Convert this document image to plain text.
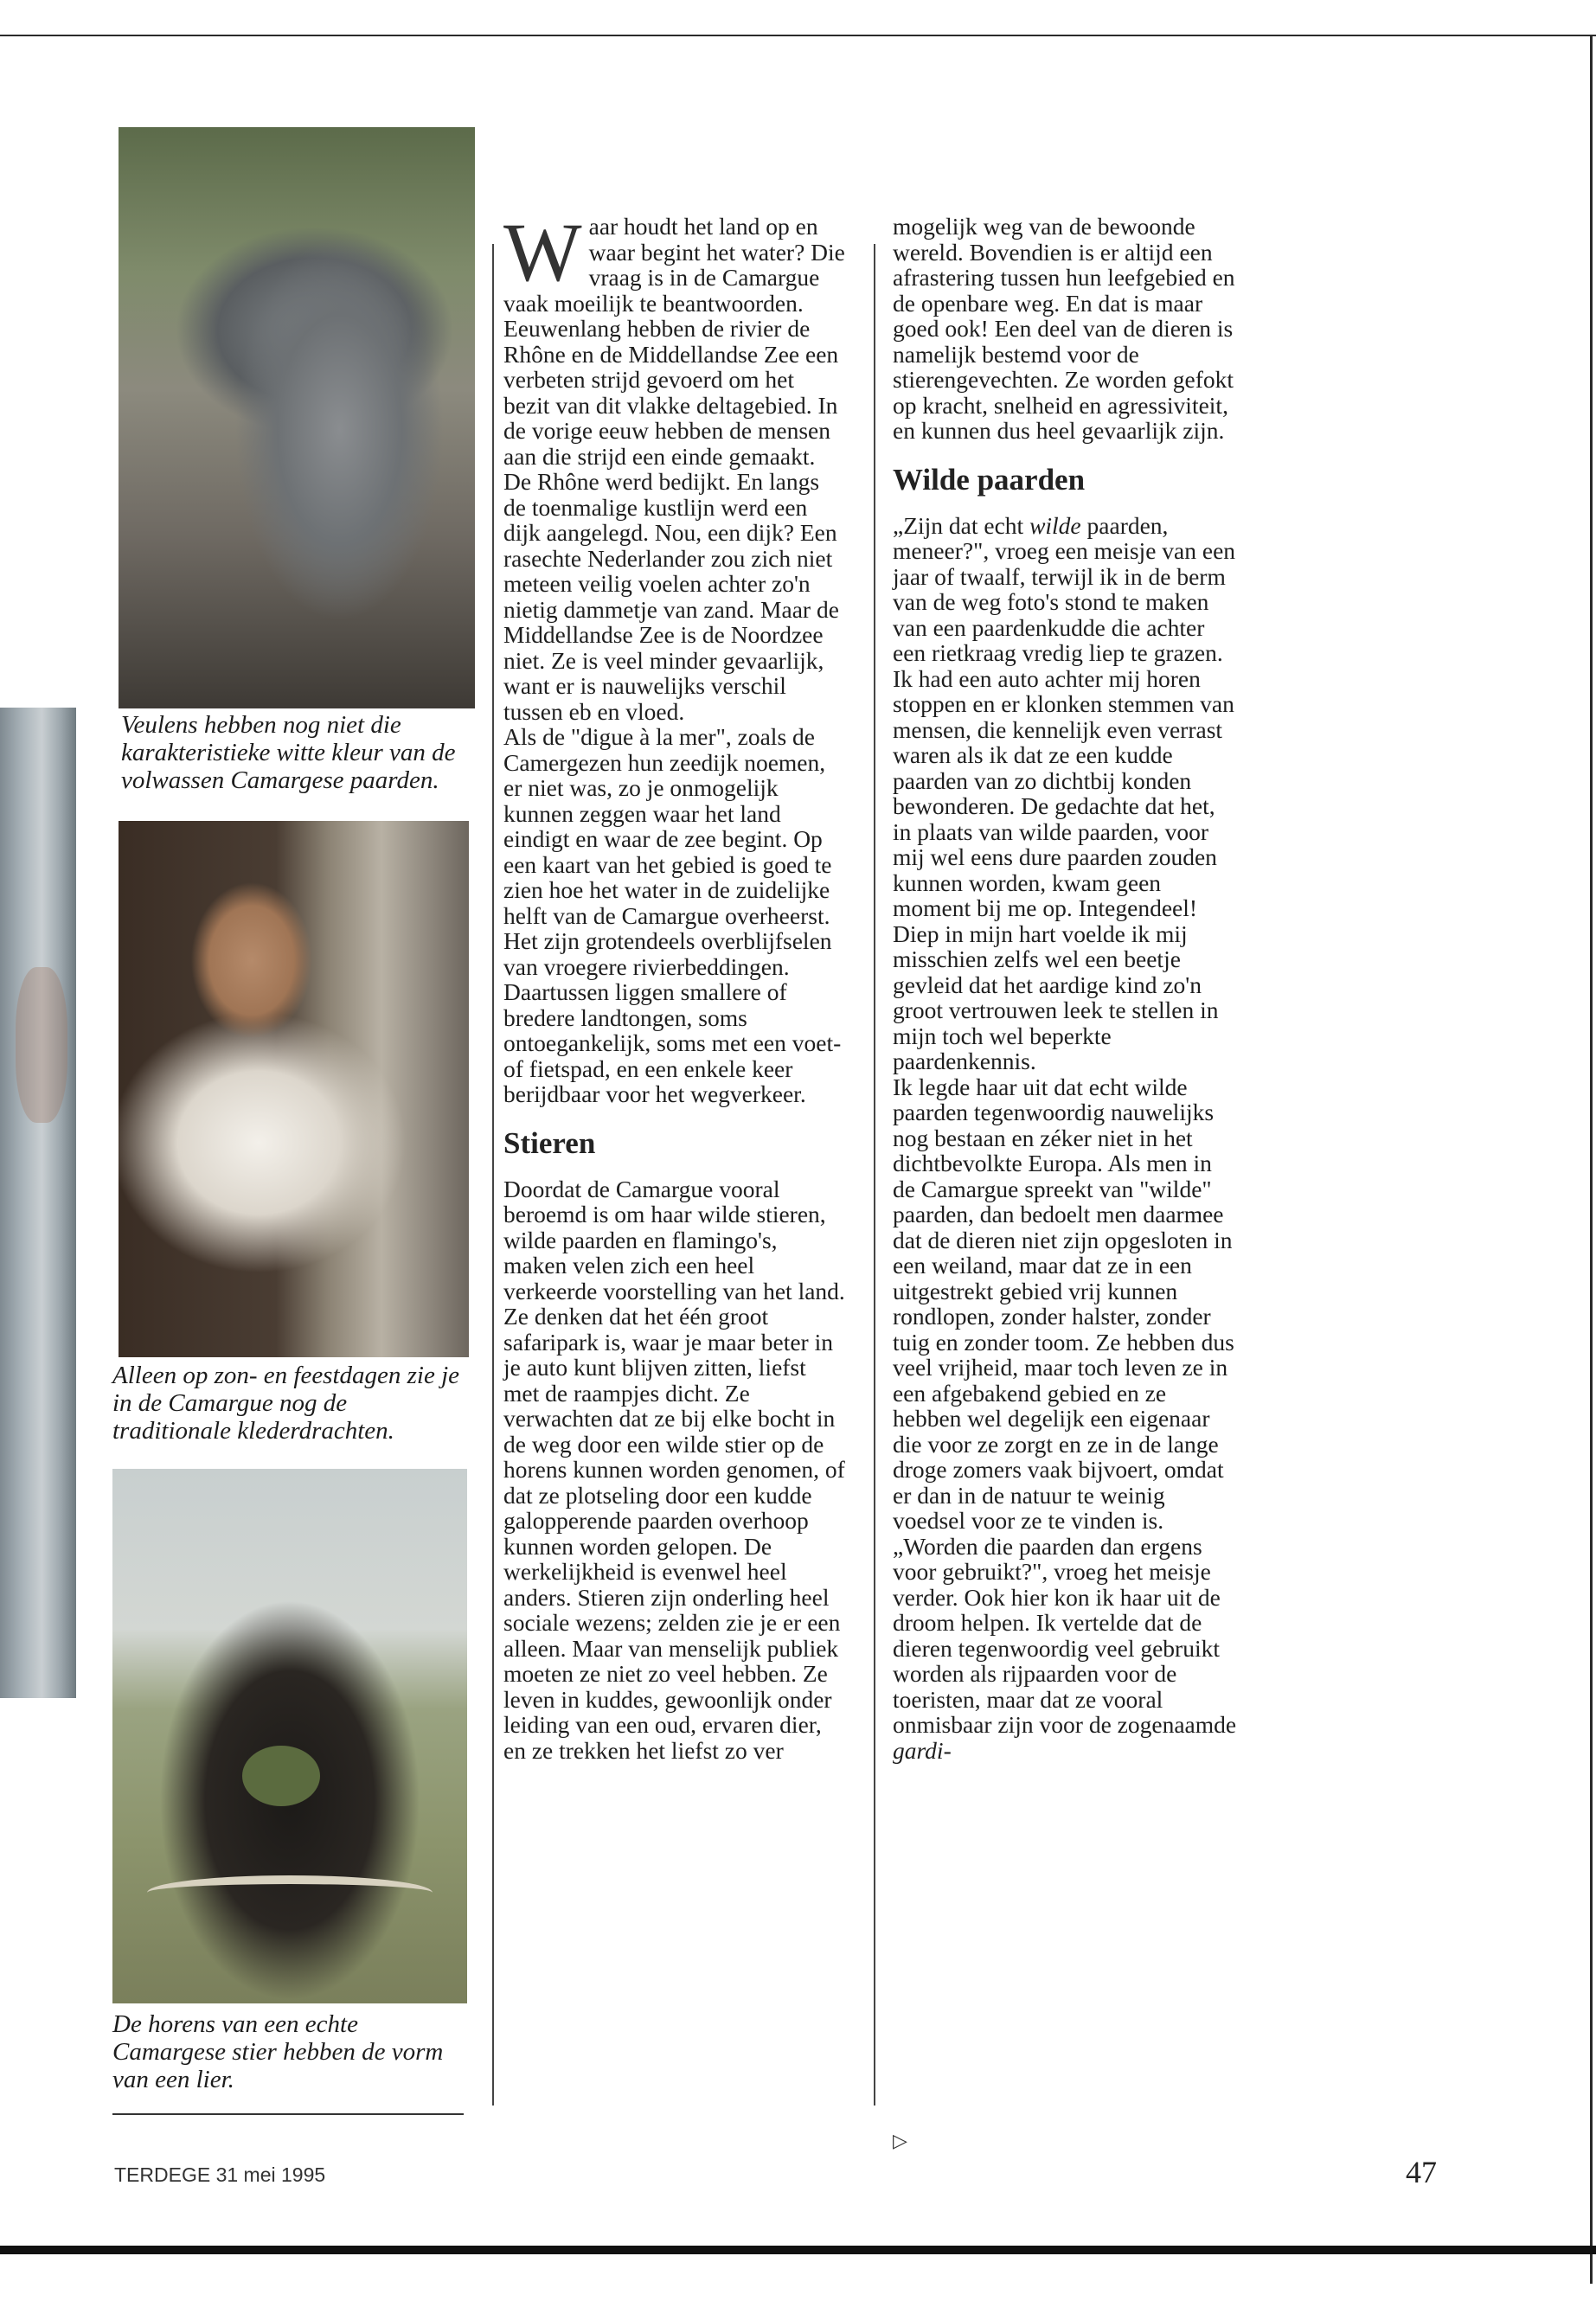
Veulens hebben nog niet die karakteristieke witte kleur van de volwassen Camargese paarden.
Alleen op zon- en feestdagen zie je in de Camargue nog de traditionale klederdrachten.
De horens van een echte Camargese stier hebben de vorm van een lier.

Waar houdt het land op en waar begint het water? Die vraag is in de Camargue vaak moeilijk te beantwoorden. Eeuwenlang hebben de rivier de Rhône en de Middellandse Zee een verbeten strijd gevoerd om het bezit van dit vlakke deltagebied. In de vorige eeuw hebben de mensen aan die strijd een einde gemaakt. De Rhône werd bedijkt. En langs de toenmalige kustlijn werd een dijk aangelegd. Nou, een dijk? Een rasechte Nederlander zou zich niet meteen veilig voelen achter zo'n nietig dammetje van zand. Maar de Middellandse Zee is de Noordzee niet. Ze is veel minder gevaarlijk, want er is nauwelijks verschil tussen eb en vloed.

Als de "digue à la mer", zoals de Camergezen hun zeedijk noemen, er niet was, zo je onmogelijk kunnen zeggen waar het land eindigt en waar de zee begint. Op een kaart van het gebied is goed te zien hoe het water in de zuidelijke helft van de Camargue overheerst. Het zijn grotendeels overblijfselen van vroegere rivierbeddingen. Daartussen liggen smallere of bredere landtongen, soms ontoegankelijk, soms met een voet- of fietspad, en een enkele keer berijdbaar voor het wegverkeer.

Stieren

Doordat de Camargue vooral beroemd is om haar wilde stieren, wilde paarden en flamingo's, maken velen zich een heel verkeerde voorstelling van het land. Ze denken dat het één groot safaripark is, waar je maar beter in je auto kunt blijven zitten, liefst met de raampjes dicht. Ze verwachten dat ze bij elke bocht in de weg door een wilde stier op de horens kunnen worden genomen, of dat ze plotseling door een kudde galopperende paarden overhoop kunnen worden gelopen. De werkelijkheid is evenwel heel anders. Stieren zijn onderling heel sociale wezens; zelden zie je er een alleen. Maar van menselijk publiek moeten ze niet zo veel hebben. Ze leven in kuddes, gewoonlijk onder leiding van een oud, ervaren dier, en ze trekken het liefst zo ver

mogelijk weg van de bewoonde wereld. Bovendien is er altijd een afrastering tussen hun leefgebied en de openbare weg. En dat is maar goed ook! Een deel van de dieren is namelijk bestemd voor de stierengevechten. Ze worden gefokt op kracht, snelheid en agressiviteit, en kunnen dus heel gevaarlijk zijn.

Wilde paarden

„Zijn dat echt wilde paarden, meneer?", vroeg een meisje van een jaar of twaalf, terwijl ik in de berm van de weg foto's stond te maken van een paardenkudde die achter een rietkraag vredig liep te grazen. Ik had een auto achter mij horen stoppen en er klonken stemmen van mensen, die kennelijk even verrast waren als ik dat ze een kudde paarden van zo dichtbij konden bewonderen. De gedachte dat het, in plaats van wilde paarden, voor mij wel eens dure paarden zouden kunnen worden, kwam geen moment bij me op. Integendeel! Diep in mijn hart voelde ik mij misschien zelfs wel een beetje gevleid dat het aardige kind zo'n groot vertrouwen leek te stellen in mijn toch wel beperkte paardenkennis.

Ik legde haar uit dat echt wilde paarden tegenwoordig nauwelijks nog bestaan en zéker niet in het dichtbevolkte Europa. Als men in de Camargue spreekt van "wilde" paarden, dan bedoelt men daarmee dat de dieren niet zijn opgesloten in een weiland, maar dat ze in een uitgestrekt gebied vrij kunnen rondlopen, zonder halster, zonder tuig en zonder toom. Ze hebben dus veel vrijheid, maar toch leven ze in een afgebakend gebied en ze hebben wel degelijk een eigenaar die voor ze zorgt en ze in de lange droge zomers vaak bijvoert, omdat er dan in de natuur te weinig voedsel voor ze te vinden is.

„Worden die paarden dan ergens voor gebruikt?", vroeg het meisje verder. Ook hier kon ik haar uit de droom helpen. Ik vertelde dat de dieren tegenwoordig veel gebruikt worden als rijpaarden voor de toeristen, maar dat ze vooral onmisbaar zijn voor de zogenaamde gardi-

▷
TERDEGE 31 mei 1995	47
